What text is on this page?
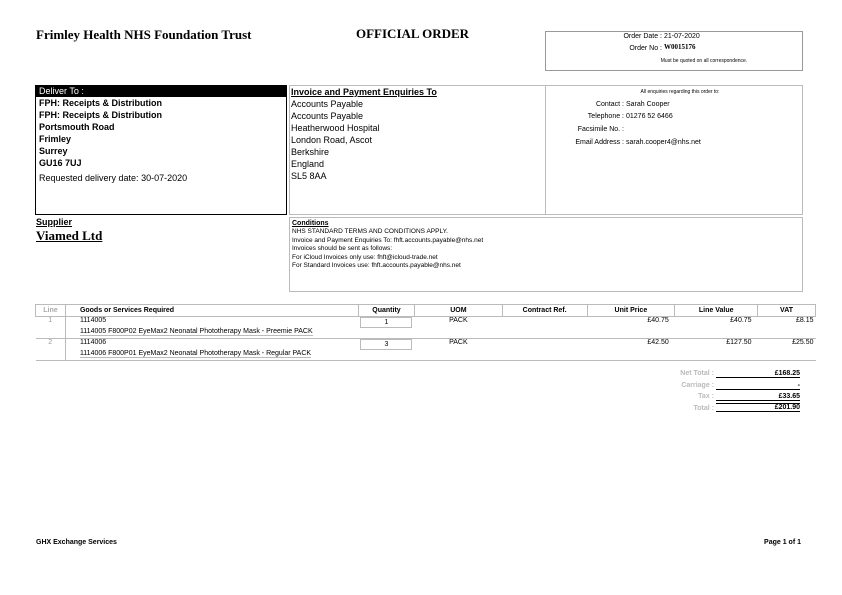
Frimley Health NHS Foundation Trust	OFFICIAL ORDER	Order Date : 21-07-2020
Order No : W0015176
Must be quoted on all correspondence.
Deliver To :
FPH: Receipts & Distribution
FPH: Receipts & Distribution
Portsmouth Road
Frimley
Surrey
GU16 7UJ
Requested delivery date: 30-07-2020
Invoice and Payment Enquiries To
Accounts Payable
Accounts Payable
Heatherwood Hospital
London Road, Ascot
Berkshire
England
SL5 8AA
All enquiries regarding this order to:
Contact : Sarah Cooper
Telephone : 01276 52 6466
Facsimile No. :
Email Address : sarah.cooper4@nhs.net
Supplier
Viamed Ltd
Conditions
NHS STANDARD TERMS AND CONDITIONS APPLY.
Invoice and Payment Enquiries To: fhft.accounts.payable@nhs.net
Invoices should be sent as follows:
For iCloud Invoices only use: fhft@icloud-trade.net
For Standard Invoices use: fhft.accounts.payable@nhs.net
Line	Goods or Services Required	Quantity	UOM	Contract Ref.	Unit Price	Line Value	VAT
1	1114005	1	PACK		£40.75	£40.75	£8.15
	1114005 F800P02 EyeMax2 Neonatal Phototherapy Mask - Preemie PACK						
2	1114006	3	PACK		£42.50	£127.50	£25.50
	1114006 F800P01 EyeMax2 Neonatal Phototherapy Mask - Regular PACK						
Net Total :	£168.25
Carriage :	-
Tax :	£33.65
Total :	£201.90
GHX Exchange Services	Page 1 of 1
